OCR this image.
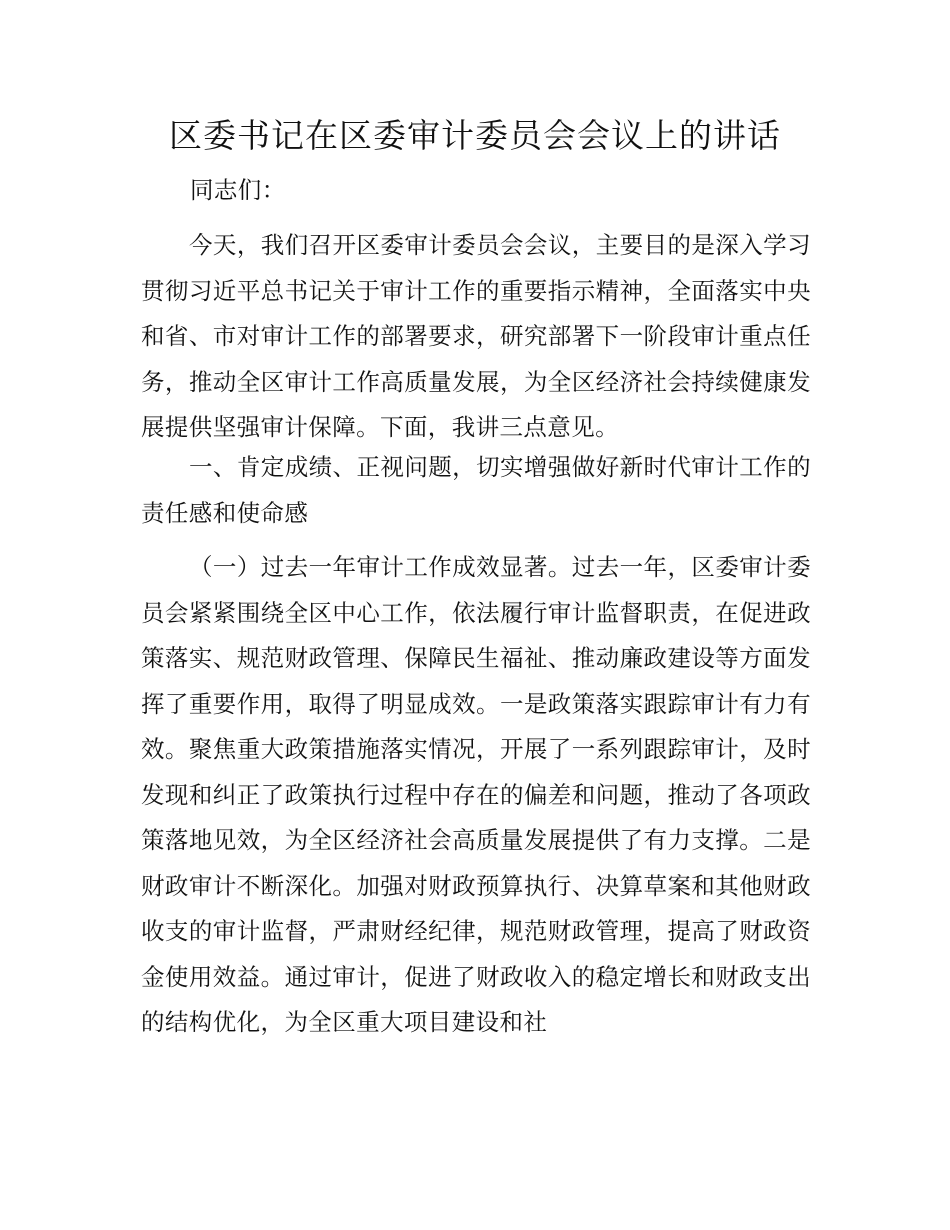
区委书记在区委审计委员会会议上的讲话

同志们：

今天，我们召开区委审计委员会会议，主要目的是深入学习贯彻习近平总书记关于审计工作的重要指示精神，全面落实中央和省、市对审计工作的部署要求，研究部署下一阶段审计重点任务，推动全区审计工作高质量发展，为全区经济社会持续健康发展提供坚强审计保障。下面，我讲三点意见。

一、肯定成绩、正视问题，切实增强做好新时代审计工作的责任感和使命感

（一）过去一年审计工作成效显著。过去一年，区委审计委员会紧紧围绕全区中心工作，依法履行审计监督职责，在促进政策落实、规范财政管理、保障民生福祉、推动廉政建设等方面发挥了重要作用，取得了明显成效。一是政策落实跟踪审计有力有效。聚焦重大政策措施落实情况，开展了一系列跟踪审计，及时发现和纠正了政策执行过程中存在的偏差和问题，推动了各项政策落地见效，为全区经济社会高质量发展提供了有力支撑。二是财政审计不断深化。加强对财政预算执行、决算草案和其他财政收支的审计监督，严肃财经纪律，规范财政管理，提高了财政资金使用效益。通过审计，促进了财政收入的稳定增长和财政支出的结构优化，为全区重大项目建设和社
